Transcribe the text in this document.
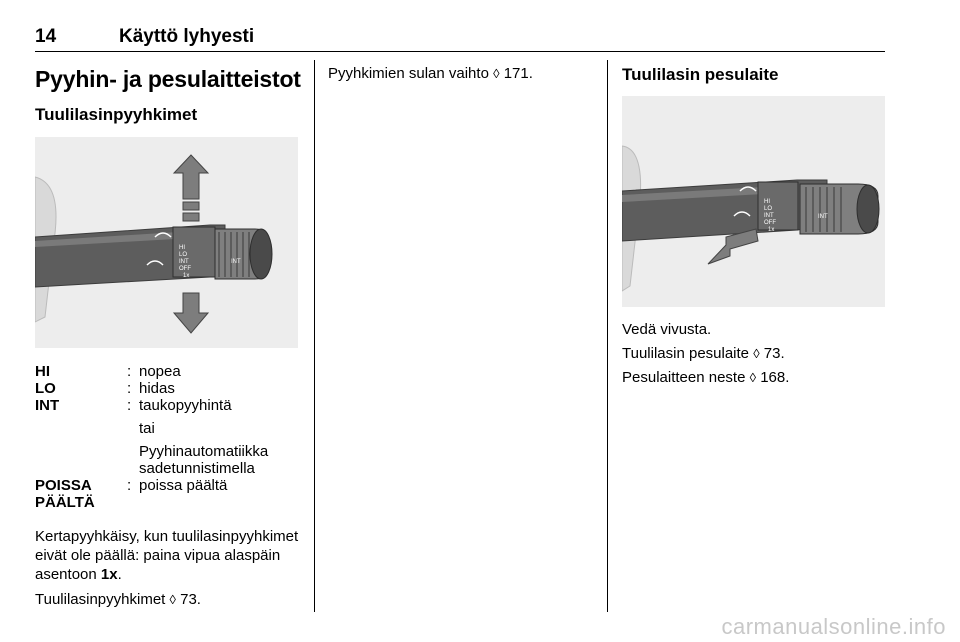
14	Käyttö lyhyesti
Pyyhin- ja pesulaitteistot
Tuulilasinpyyhkimet
HI
LO
INT
OFF
1x
INT
HI	: nopea
LO	: hidas
INT	: taukopyyhintä
tai
Pyyhinautomatiikka sadetunnistimella
POISSA PÄÄLTÄ
: poissa päältä

Kertapyyhkäisy, kun tuulilasinpyyhkimet eivät ole päällä: paina vipua alaspäin asentoon 1x.

Tuulilasinpyyhkimet ◊ 73.

Pyyhkimien sulan vaihto ◊ 171.	Tuulilasin pesulaite
HI
LO
INT
OFF
1x
INT

Vedä vivusta.

Tuulilasin pesulaite ◊ 73.

Pesulaitteen neste ◊ 168.

carmanualsonline.info
